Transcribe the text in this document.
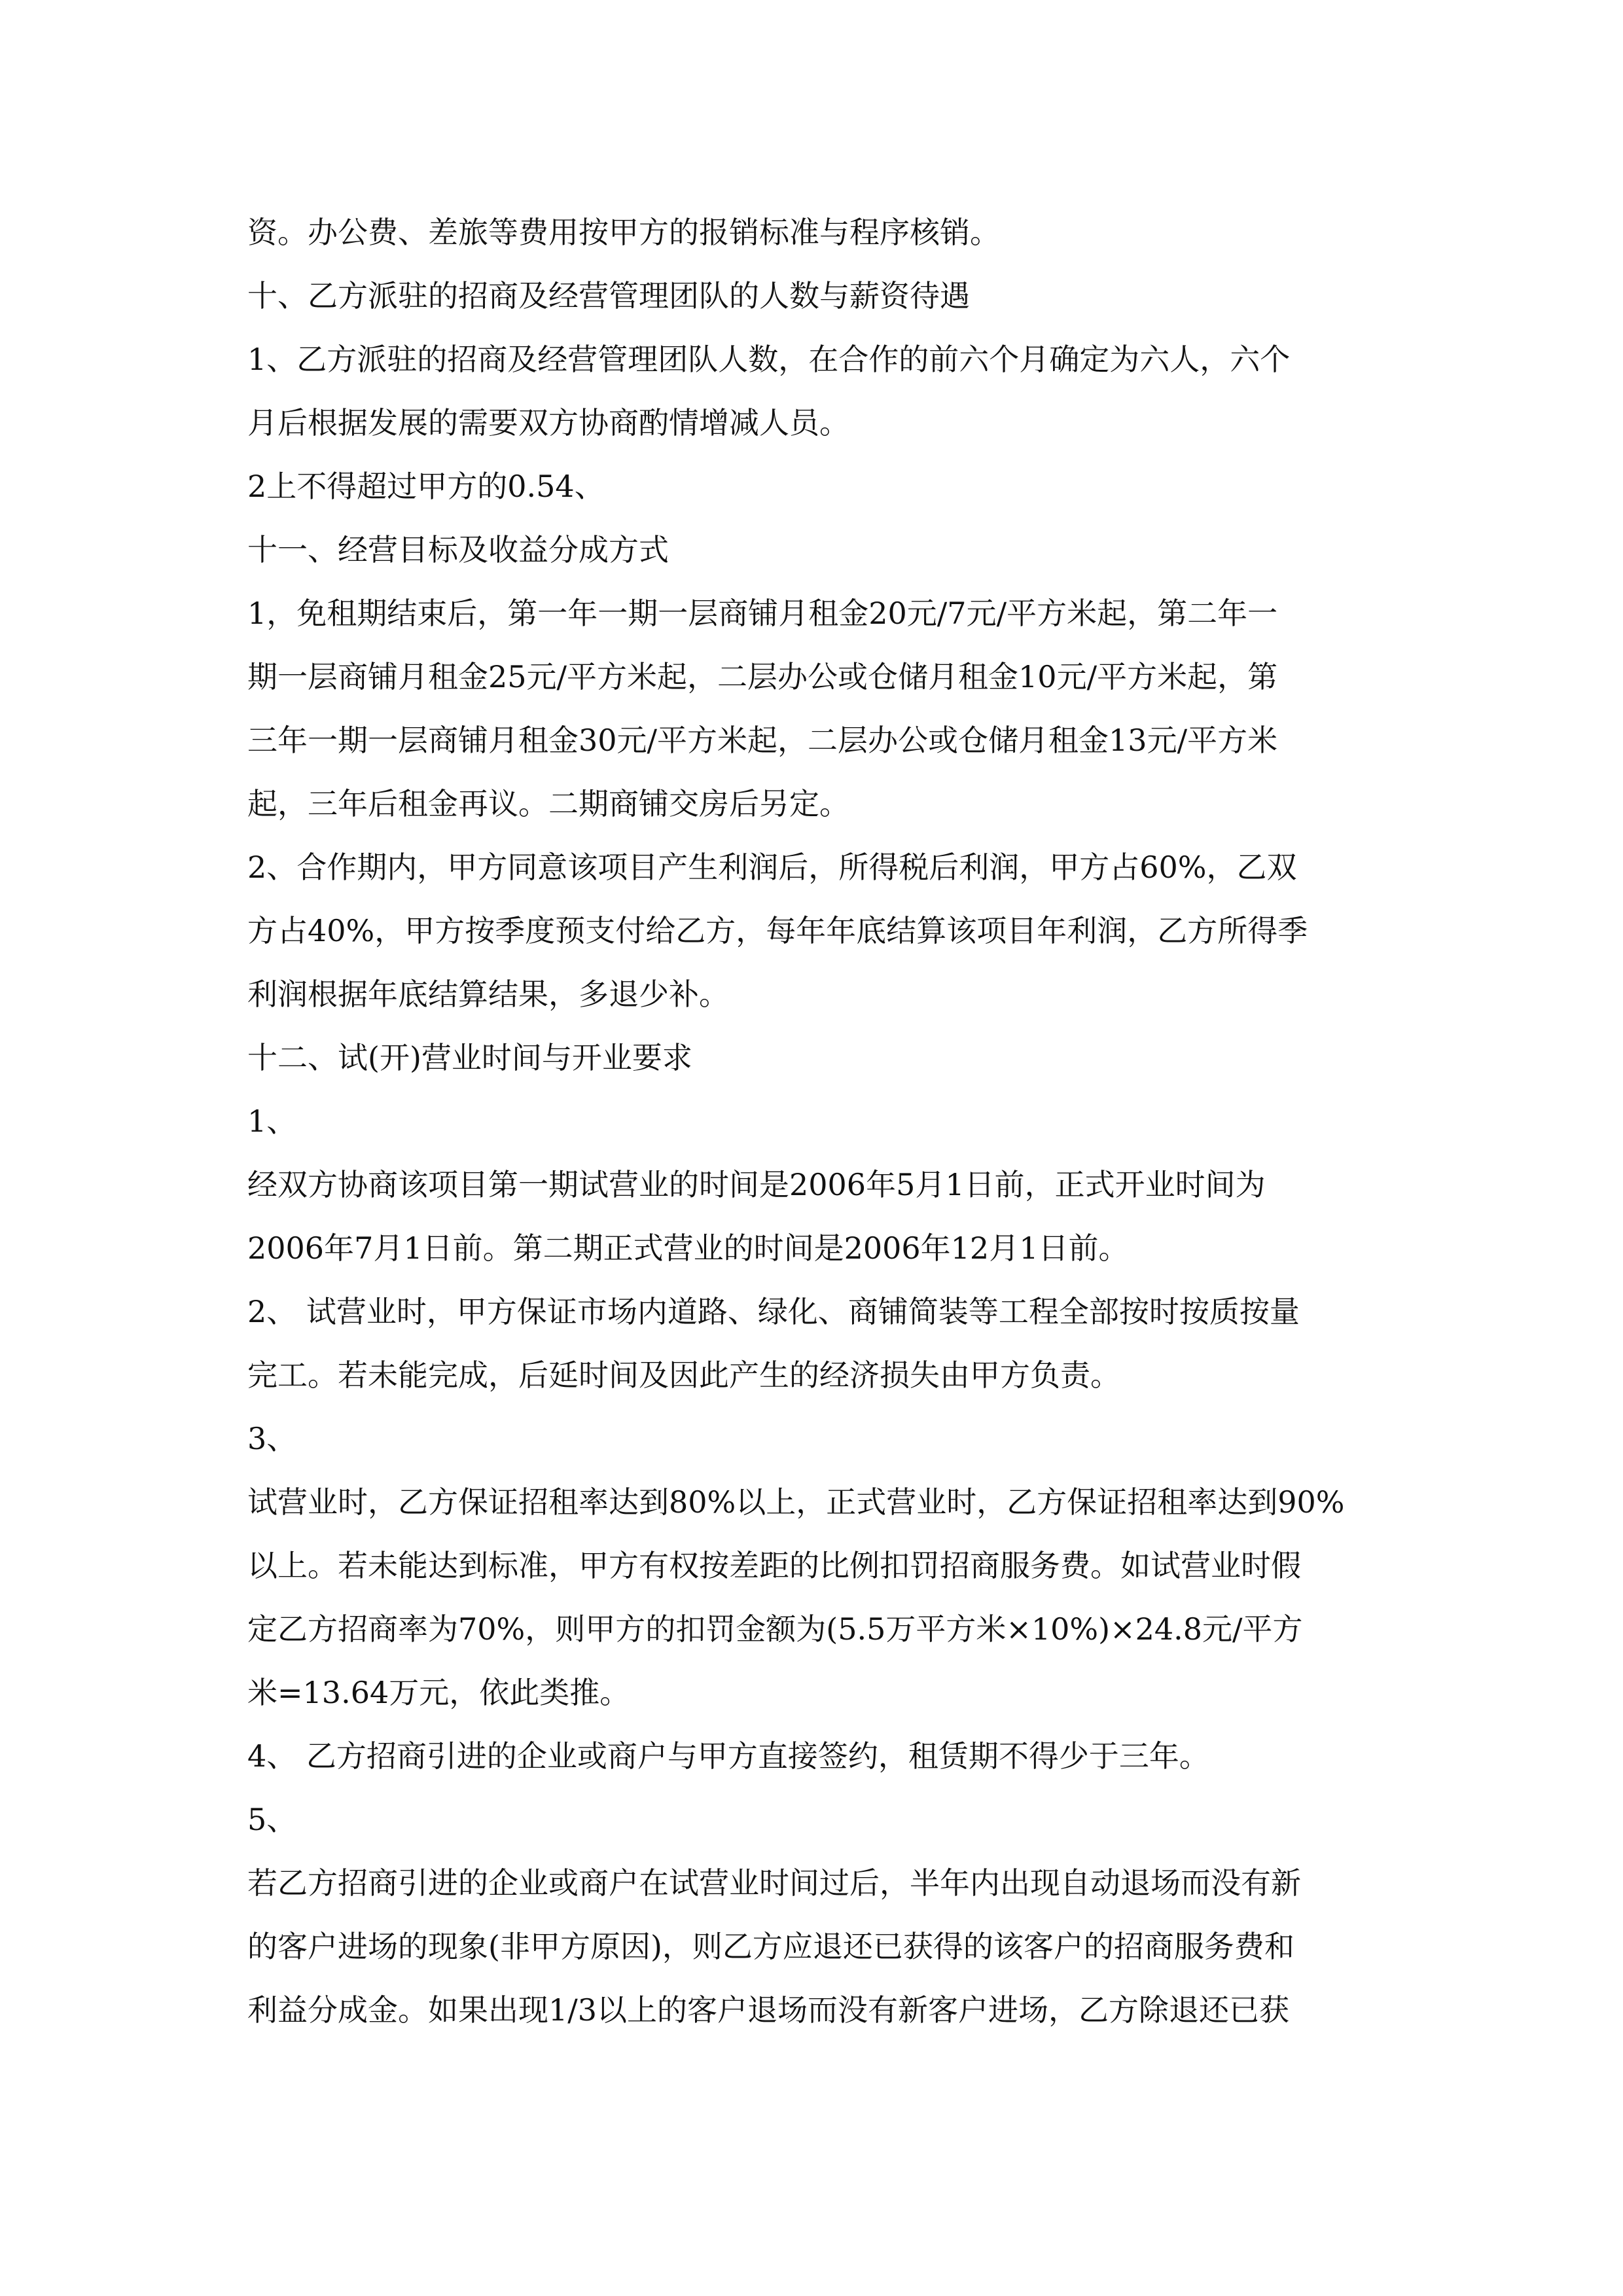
资。办公费、差旅等费用按甲方的报销标准与程序核销。

十、乙方派驻的招商及经营管理团队的人数与薪资待遇

1、乙方派驻的招商及经营管理团队人数，在合作的前六个月确定为六人，六个

月后根据发展的需要双方协商酌情增减人员。

2上不得超过甲方的0.54、

十一、经营目标及收益分成方式

1，免租期结束后，第一年一期一层商铺月租金20元/7元/平方米起，第二年一

期一层商铺月租金25元/平方米起，二层办公或仓储月租金10元/平方米起，第

三年一期一层商铺月租金30元/平方米起，二层办公或仓储月租金13元/平方米

起，三年后租金再议。二期商铺交房后另定。

2、合作期内，甲方同意该项目产生利润后，所得税后利润，甲方占60%，乙双

方占40%，甲方按季度预支付给乙方，每年年底结算该项目年利润，乙方所得季

利润根据年底结算结果，多退少补。

十二、试(开)营业时间与开业要求

1、

经双方协商该项目第一期试营业的时间是2006年5月1日前，正式开业时间为

2006年7月1日前。第二期正式营业的时间是2006年12月1日前。

2、 试营业时，甲方保证市场内道路、绿化、商铺简装等工程全部按时按质按量

完工。若未能完成，后延时间及因此产生的经济损失由甲方负责。

3、

试营业时，乙方保证招租率达到80%以上，正式营业时，乙方保证招租率达到90%

以上。若未能达到标准，甲方有权按差距的比例扣罚招商服务费。如试营业时假

定乙方招商率为70%，则甲方的扣罚金额为(5.5万平方米×10%)×24.8元/平方

米=13.64万元，依此类推。

4、 乙方招商引进的企业或商户与甲方直接签约，租赁期不得少于三年。

5、

若乙方招商引进的企业或商户在试营业时间过后，半年内出现自动退场而没有新

的客户进场的现象(非甲方原因)，则乙方应退还已获得的该客户的招商服务费和

利益分成金。如果出现1/3以上的客户退场而没有新客户进场，乙方除退还已获
